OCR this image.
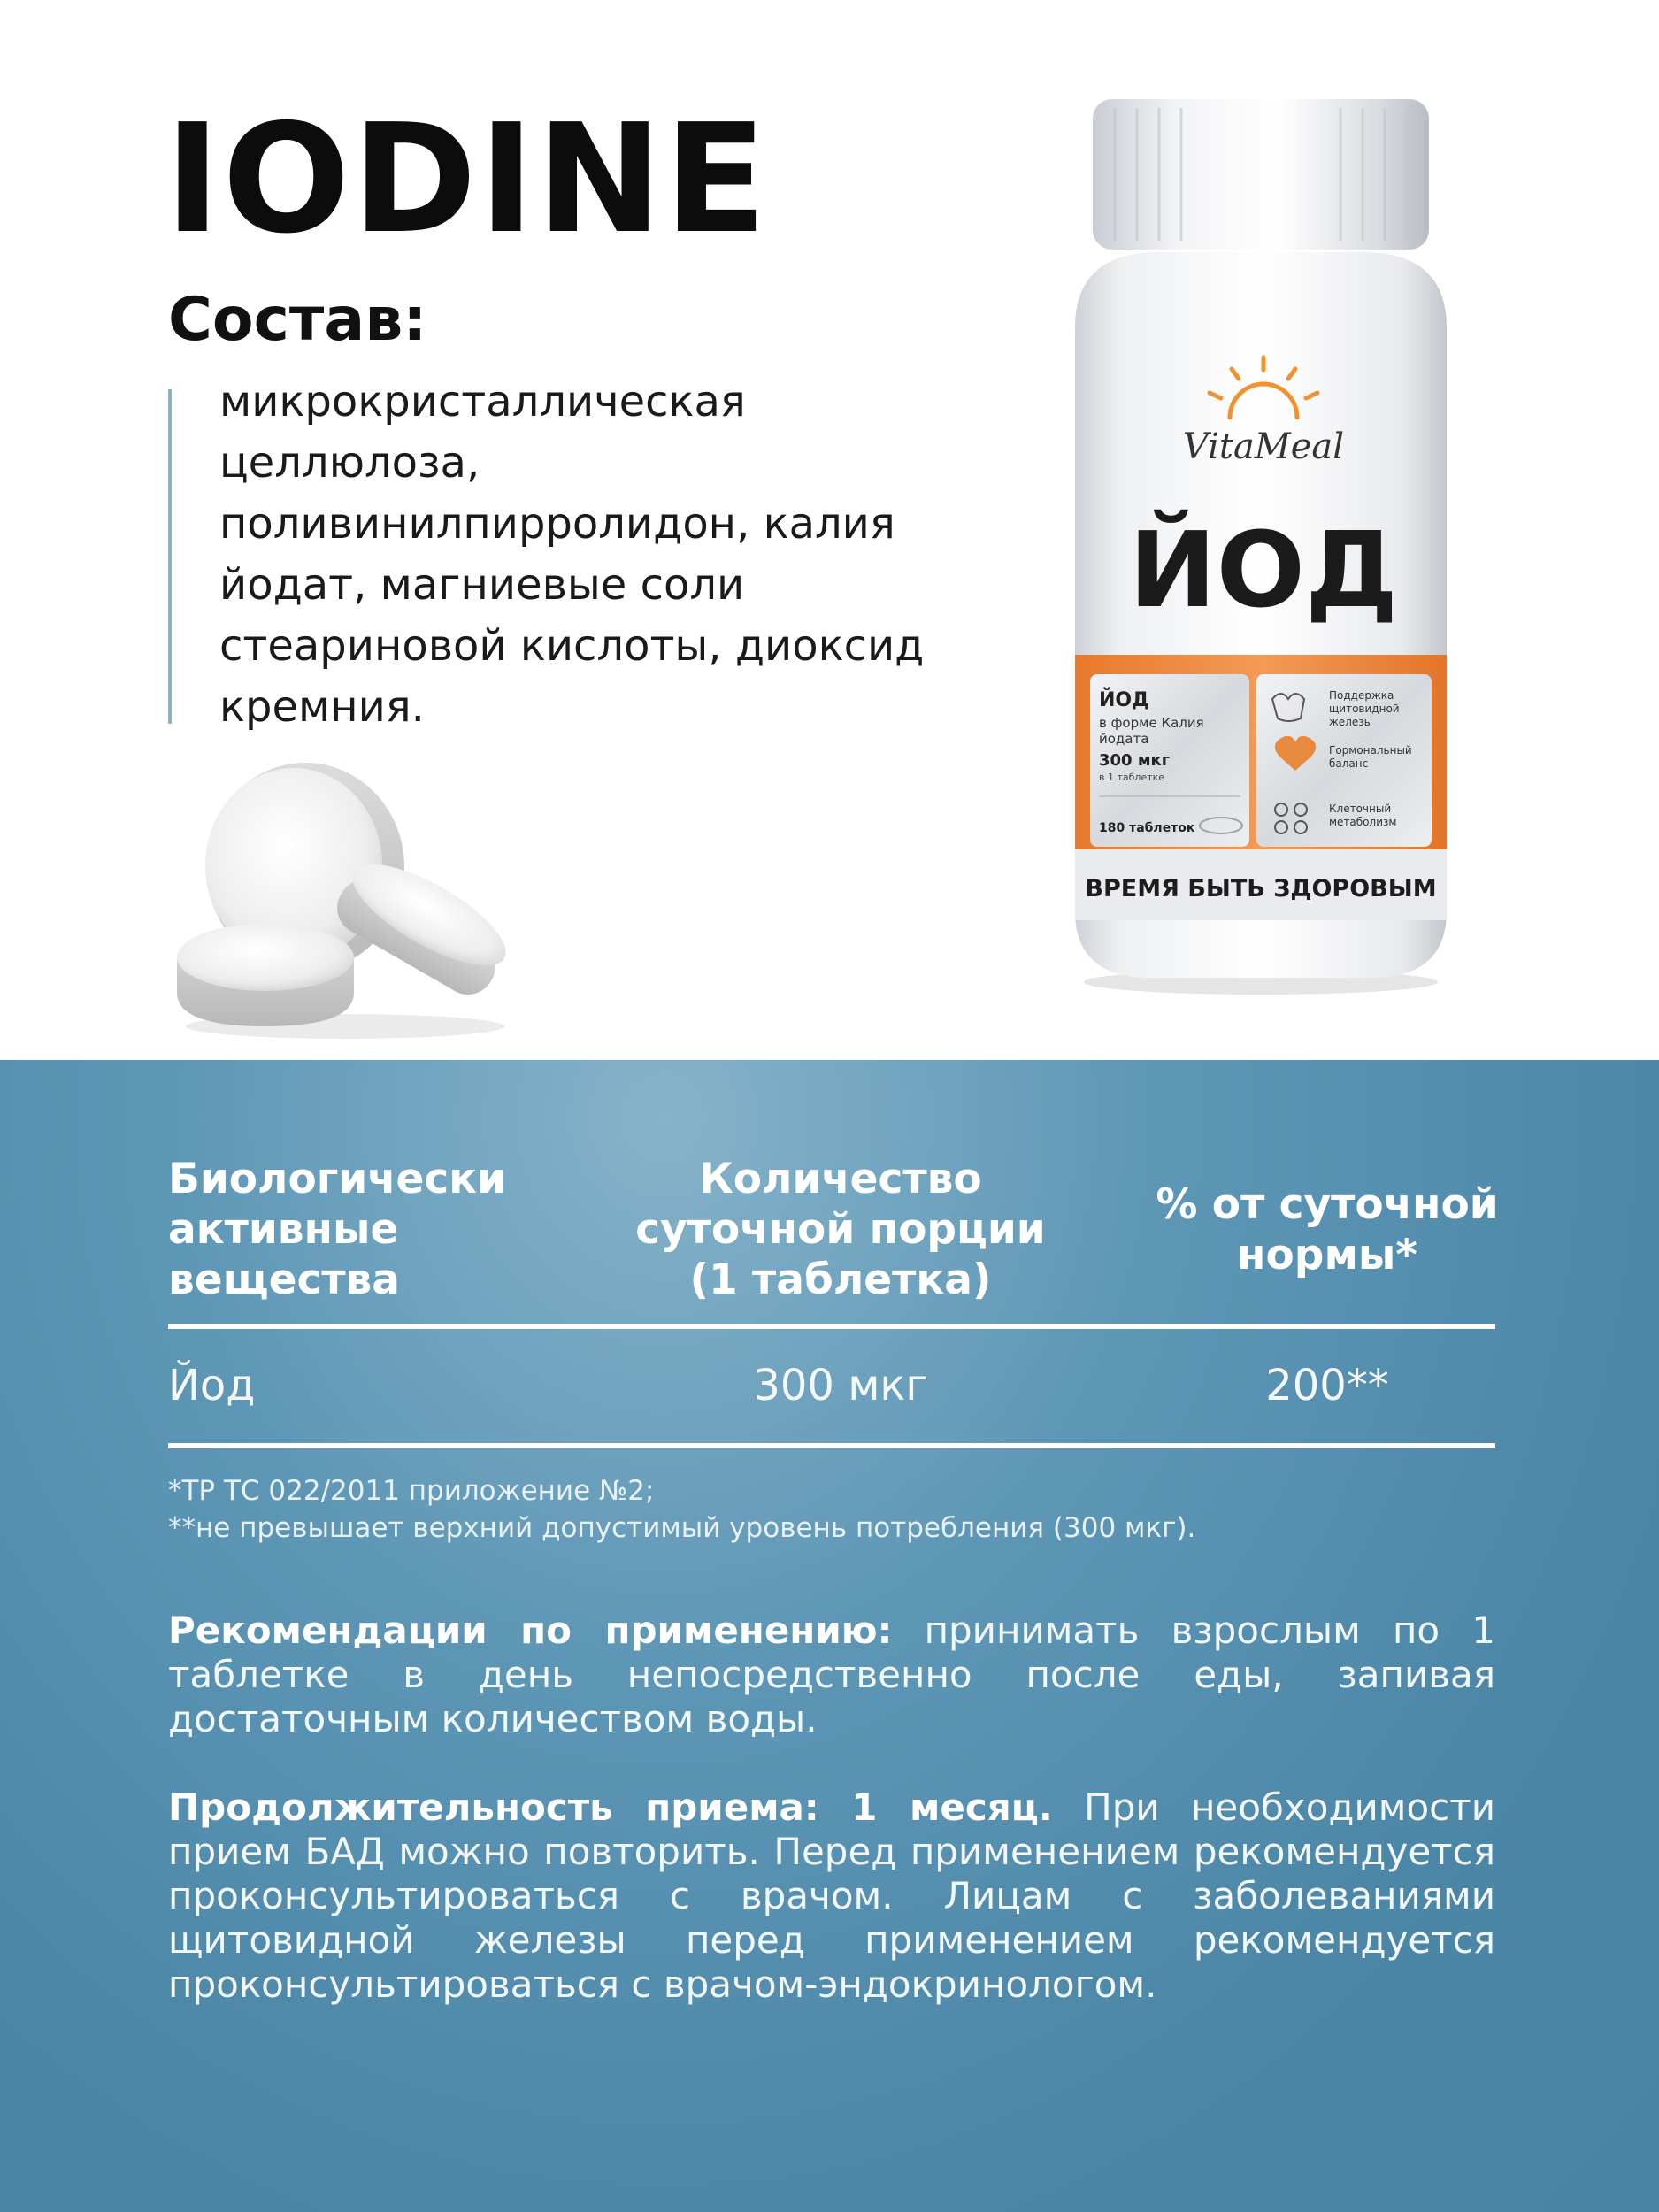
IODINE
Состав:

микрокристаллическая целлюлоза, поливинилпирролидон, калия йодат, магниевые соли стеариновой кислоты, диоксид кремния.

VitaMeal
ЙОД
ЙОД
в форме Калия
йодата
300 мкг
в 1 таблетке
180 таблеток
Поддержка
щитовидной
железы
Гормональный
баланс
Клеточный
метаболизм
ВРЕМЯ БЫТЬ ЗДОРОВЫМ
Биологически
активные
вещества
Количество
суточной порции
(1 таблетка)
% от суточной
нормы*
Йод	300 мкг	200**
*ТР ТС 022/2011 приложение №2;
**не превышает верхний допустимый уровень потребления (300 мкг).

Рекомендации по применению: принимать взрослым по 1 таблетке в день непосредственно после еды, запивая достаточным количеством воды.

Продолжительность приема: 1 месяц. При необходимости прием БАД можно повторить. Перед применением рекомендуется проконсультироваться с врачом. Лицам с заболеваниями щитовидной железы перед применением рекомендуется проконсультироваться с врачом-эндокринологом.
